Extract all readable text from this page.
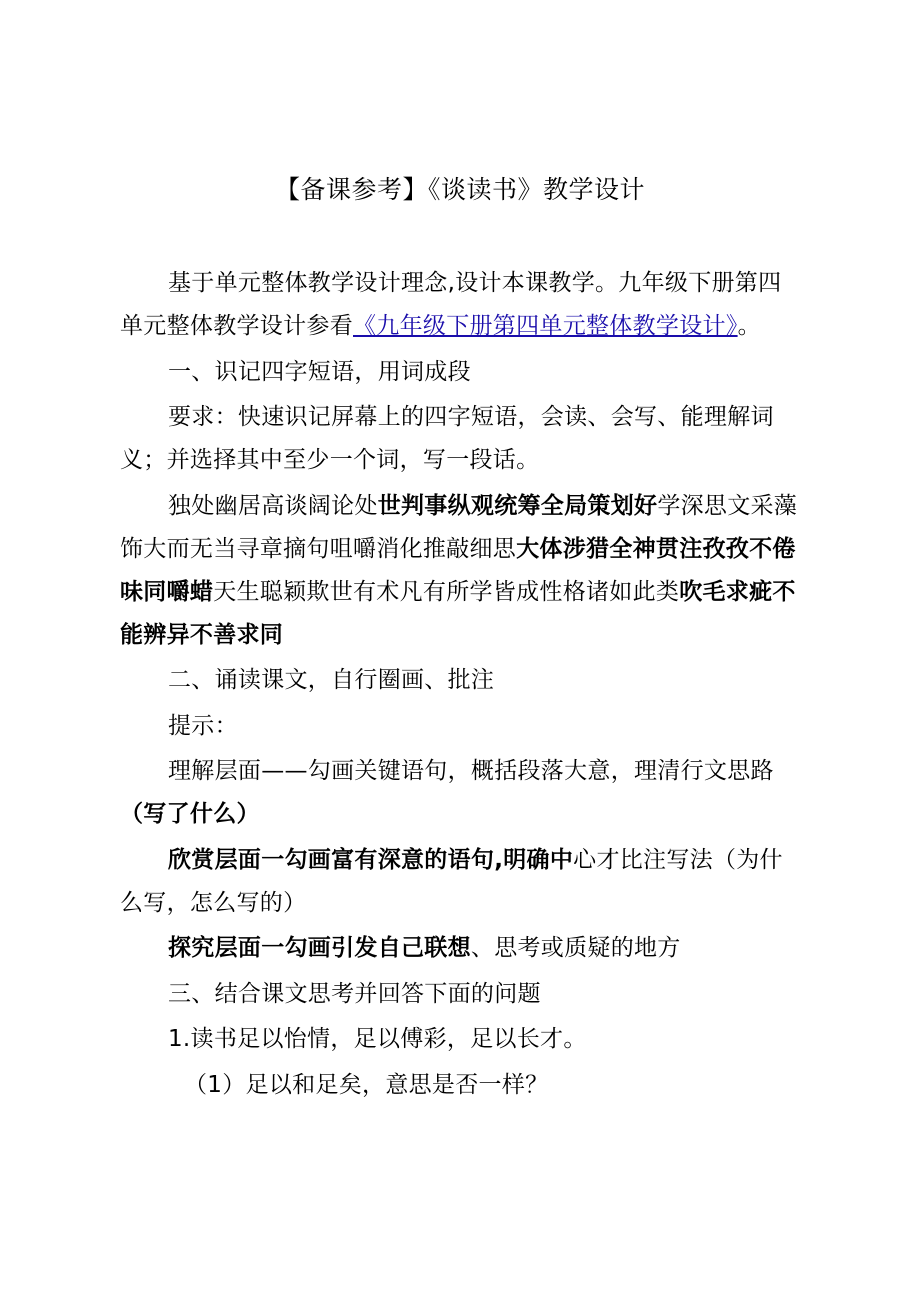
【备课参考】《谈读书》教学设计

基于单元整体教学设计理念,设计本课教学。九年级下册第四单元整体教学设计参看《九年级下册第四单元整体教学设计》。

一、识记四字短语，用词成段

要求：快速识记屏幕上的四字短语，会读、会写、能理解词义；并选择其中至少一个词，写一段话。

独处幽居高谈阔论处世判事纵观统筹全局策划好学深思文采藻饰大而无当寻章摘句咀嚼消化推敲细思大体涉猎全神贯注孜孜不倦味同嚼蜡天生聪颖欺世有术凡有所学皆成性格诸如此类吹毛求疵不能辨异不善求同

二、诵读课文，自行圈画、批注

提示：

理解层面——勾画关键语句，概括段落大意，理清行文思路（写了什么）

欣赏层面一勾画富有深意的语句,明确中心才比注写法（为什么写，怎么写的）

探究层面一勾画引发自己联想、思考或质疑的地方

三、结合课文思考并回答下面的问题

1.读书足以怡情，足以傅彩，足以长才。

（1）足以和足矣，意思是否一样？
